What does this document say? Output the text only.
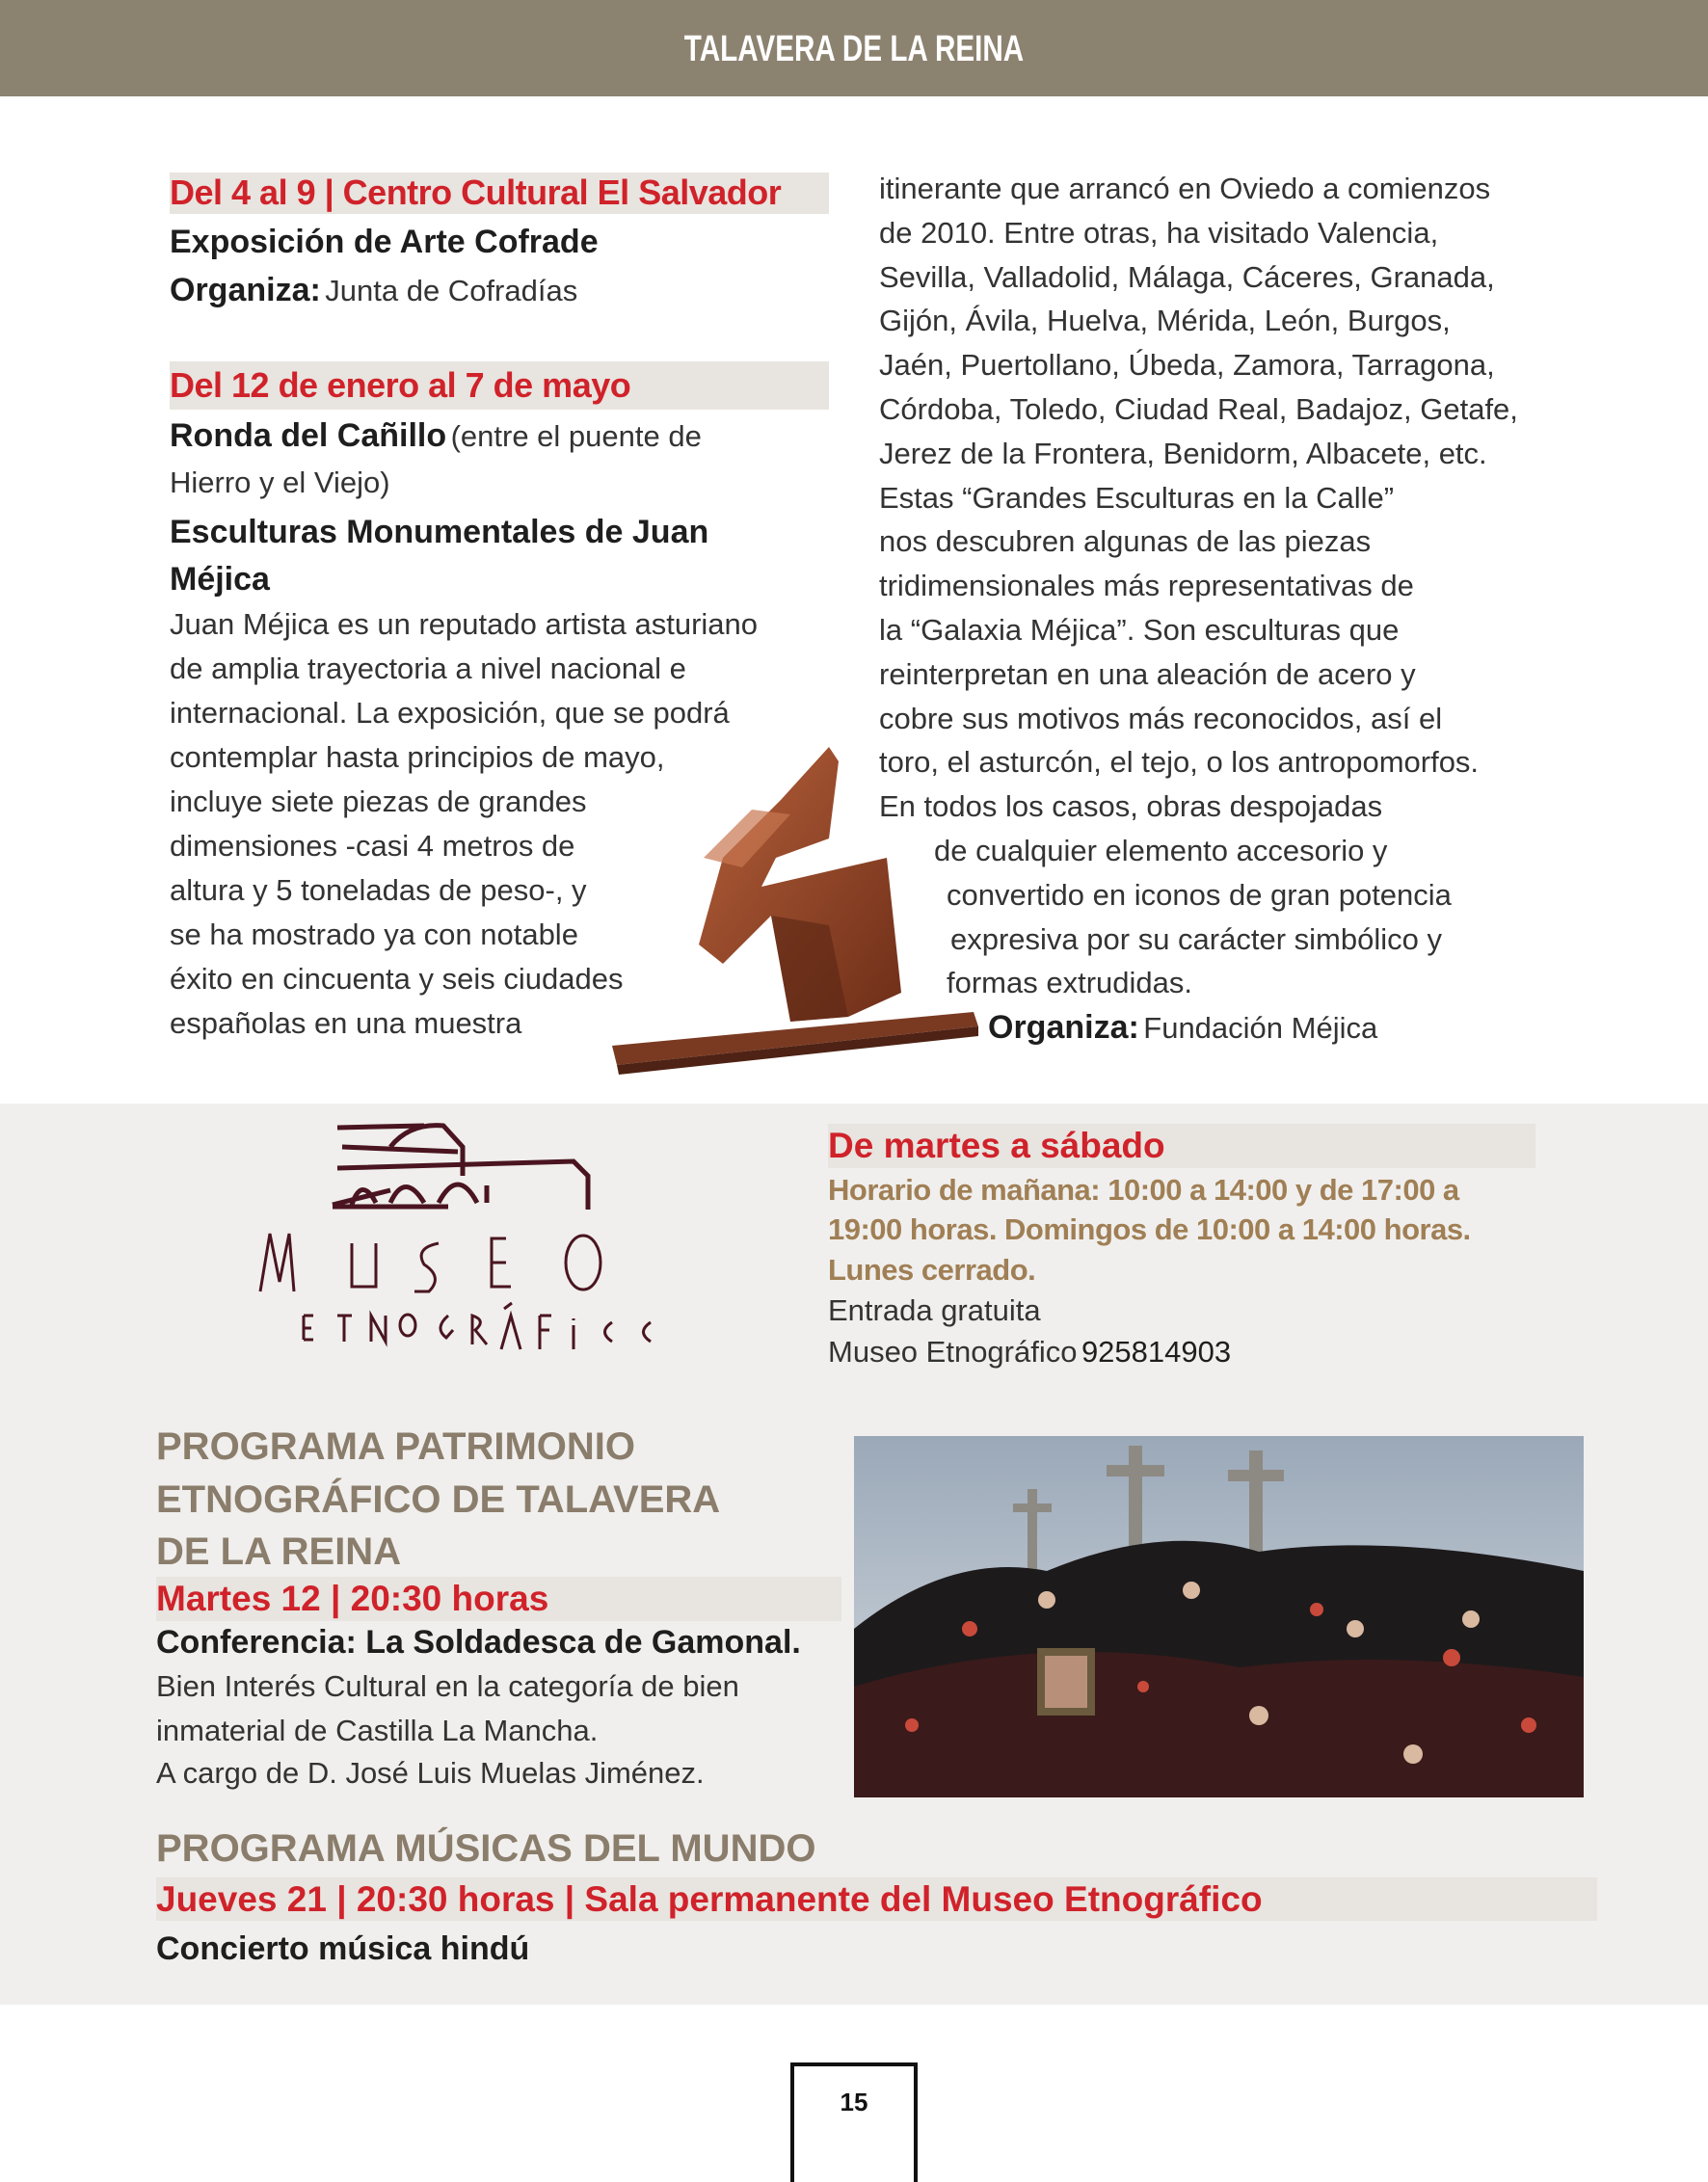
TALAVERA DE LA REINA
Del 4 al 9 | Centro Cultural El Salvador
Exposición de Arte Cofrade
Organiza: Junta de Cofradías
Del 12 de enero al 7 de mayo
Ronda del Cañillo (entre el puente de
Hierro y el Viejo)
Esculturas Monumentales de Juan
Méjica
Juan Méjica es un reputado artista asturiano
de amplia trayectoria a nivel nacional e
internacional. La exposición, que se podrá
contemplar hasta principios de mayo,
incluye siete piezas de grandes
dimensiones -casi 4 metros de
altura y 5 toneladas de peso-, y
se ha mostrado ya con notable
éxito en cincuenta y seis ciudades
españolas en una muestra
itinerante que arrancó en Oviedo a comienzos
de 2010. Entre otras, ha visitado Valencia,
Sevilla, Valladolid, Málaga, Cáceres, Granada,
Gijón, Ávila, Huelva, Mérida, León, Burgos,
Jaén, Puertollano, Úbeda, Zamora, Tarragona,
Córdoba, Toledo, Ciudad Real, Badajoz, Getafe,
Jerez de la Frontera, Benidorm, Albacete, etc.
Estas “Grandes Esculturas en la Calle”
nos descubren algunas de las piezas
tridimensionales más representativas de
la “Galaxia Méjica”. Son esculturas que
reinterpretan en una aleación de acero y
cobre sus motivos más reconocidos, así el
toro, el asturcón, el tejo, o los antropomorfos.
En todos los casos, obras despojadas
de cualquier elemento accesorio y
convertido en iconos de gran potencia
expresiva por su carácter simbólico y
formas extrudidas.
Organiza: Fundación Méjica
De martes a sábado
Horario de mañana: 10:00 a 14:00 y de 17:00 a
19:00 horas. Domingos de 10:00 a 14:00 horas.
Lunes cerrado.
Entrada gratuita
Museo Etnográfico 925814903
PROGRAMA PATRIMONIO
ETNOGRÁFICO DE TALAVERA
DE LA REINA
Martes 12 | 20:30 horas
Conferencia: La Soldadesca de Gamonal.
Bien Interés Cultural en la categoría de bien
inmaterial de Castilla La Mancha.
A cargo de D. José Luis Muelas Jiménez.
PROGRAMA MÚSICAS DEL MUNDO
Jueves 21 | 20:30 horas | Sala permanente del Museo Etnográfico
Concierto música hindú
15
